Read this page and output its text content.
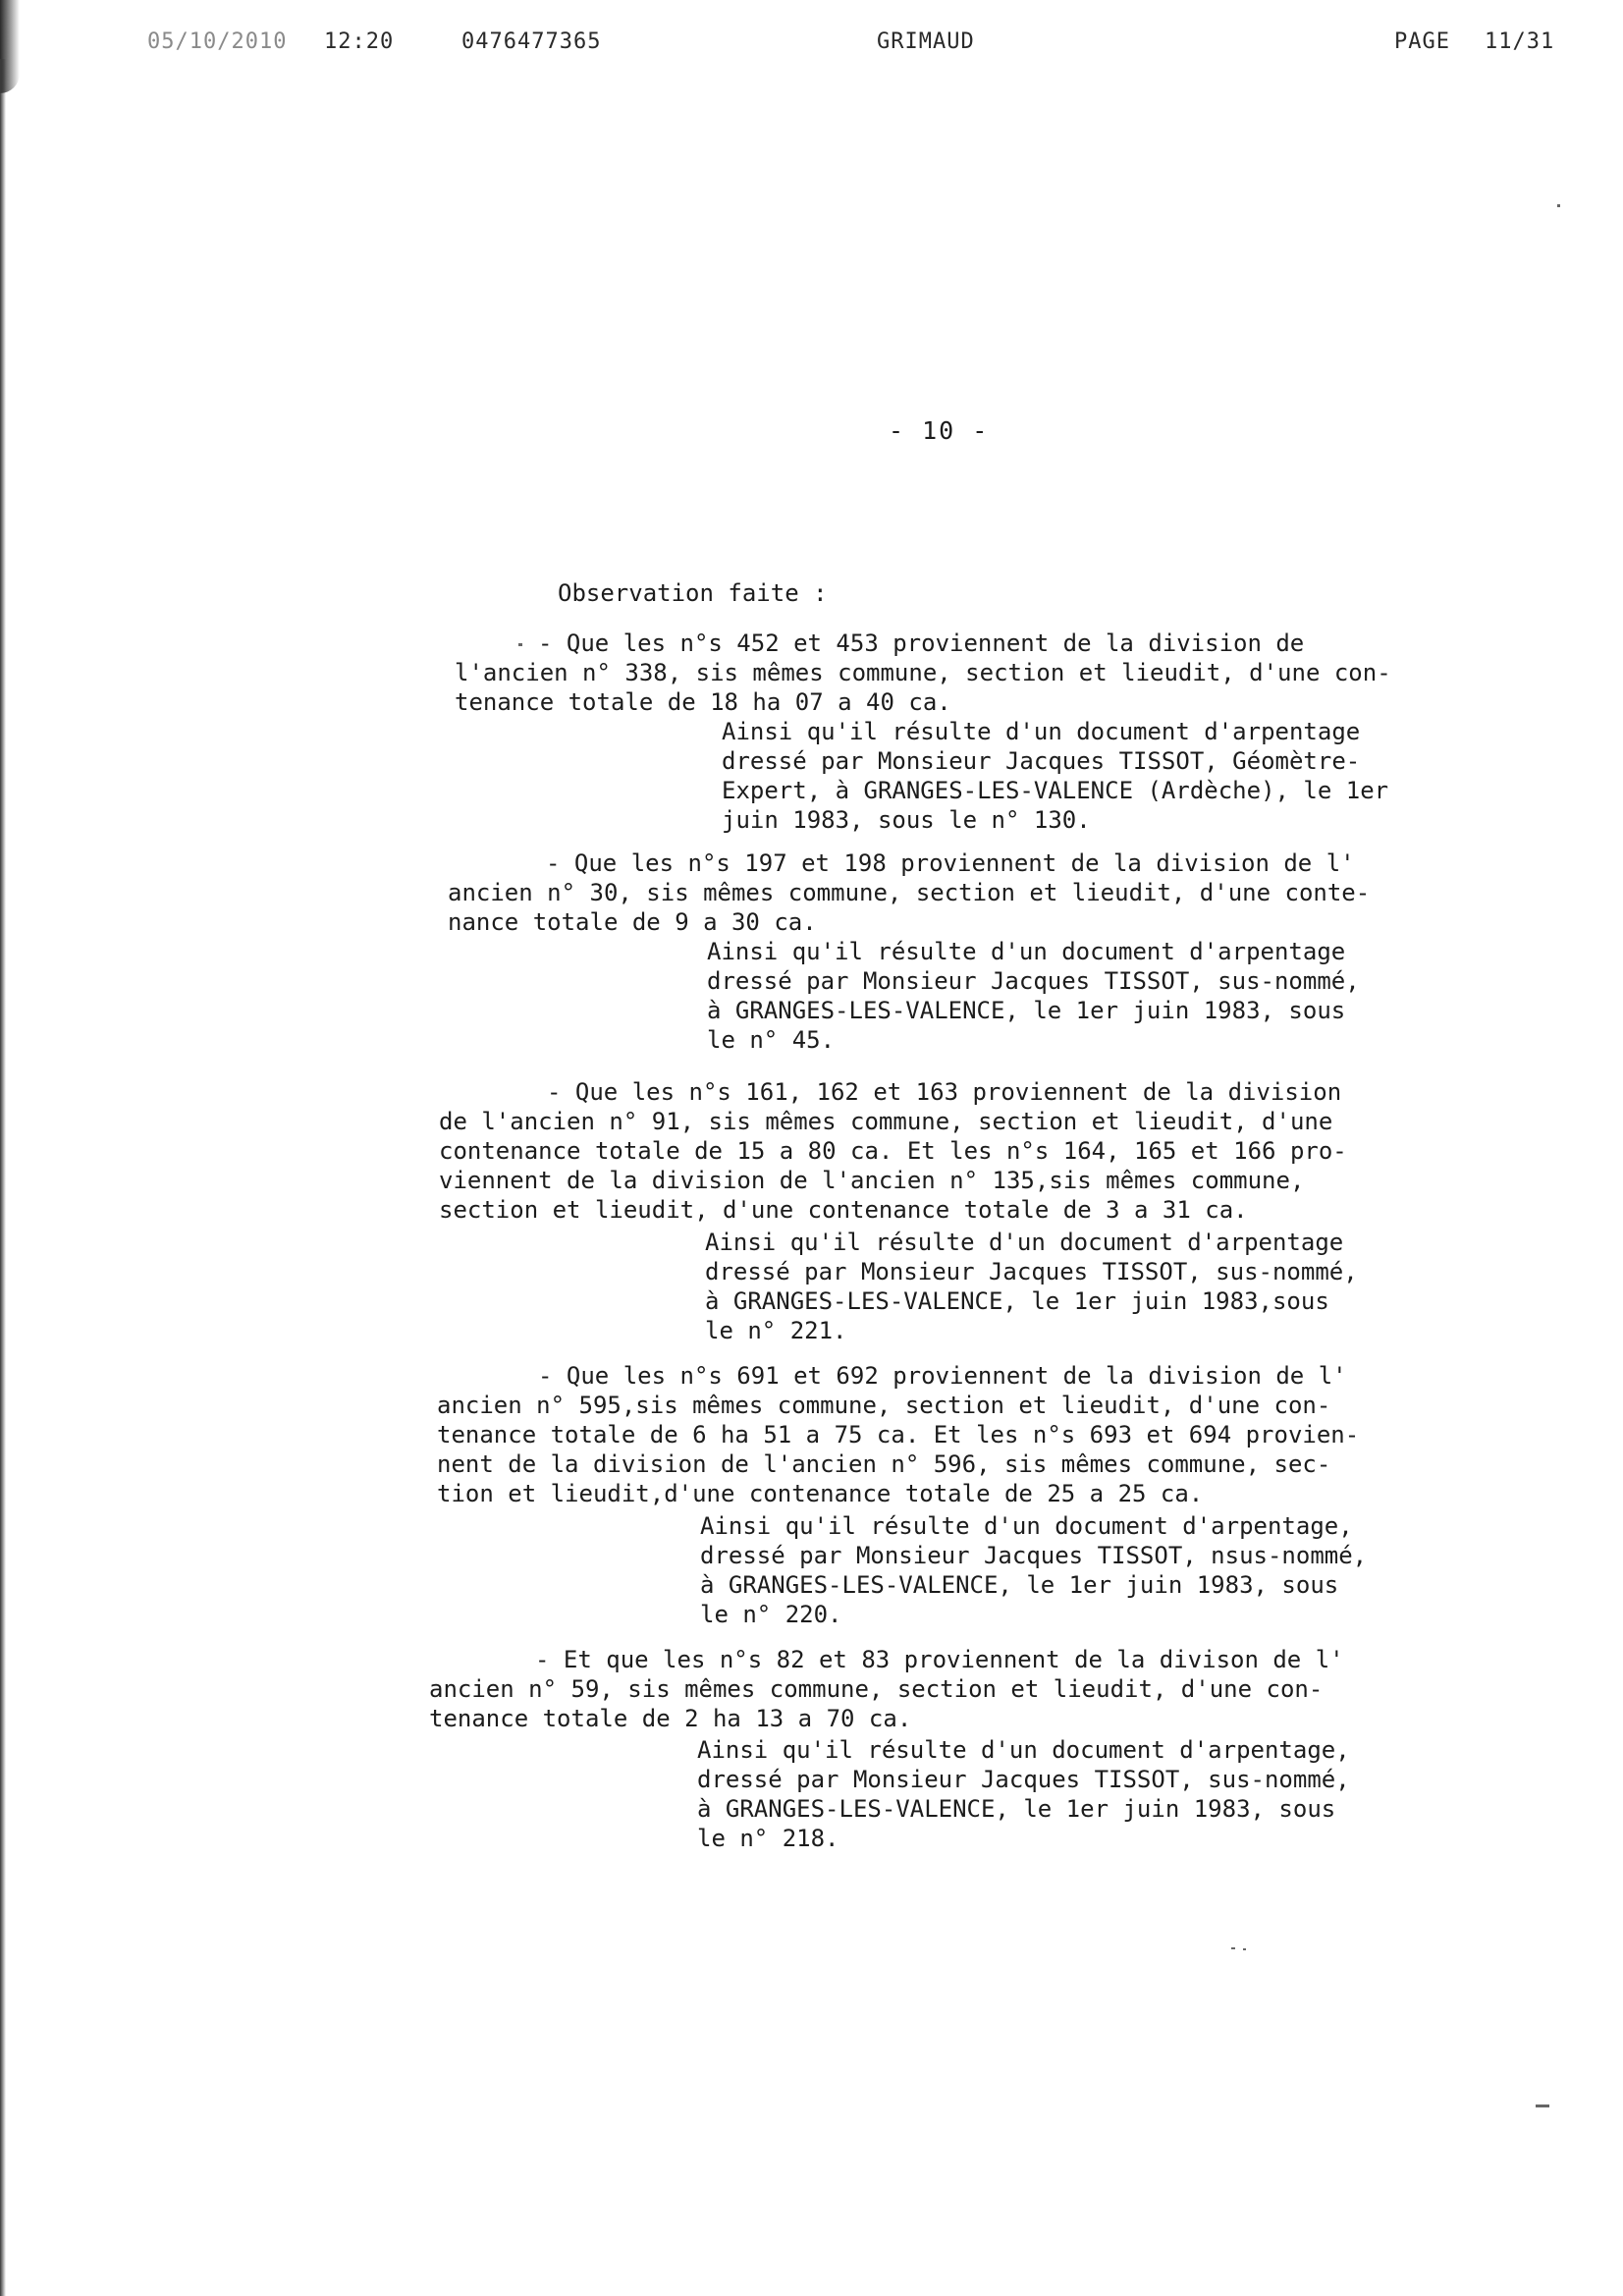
05/10/2010 12:20	0476477365	GRIMAUD	PAGE 11/31
- 10 -
Observation faite :
- Que les n°s 452 et 453 proviennent de la division de
l'ancien n° 338, sis mêmes commune, section et lieudit, d'une con-
tenance totale de 18 ha 07 a 40 ca.
Ainsi qu'il résulte d'un document d'arpentage
dressé par Monsieur Jacques TISSOT, Géomètre-
Expert, à GRANGES-LES-VALENCE (Ardèche), le 1er
juin 1983, sous le n° 130.
- Que les n°s 197 et 198 proviennent de la division de l'
ancien n° 30, sis mêmes commune, section et lieudit, d'une conte-
nance totale de 9 a 30 ca.
Ainsi qu'il résulte d'un document d'arpentage
dressé par Monsieur Jacques TISSOT, sus-nommé,
à GRANGES-LES-VALENCE, le 1er juin 1983, sous
le n° 45.
- Que les n°s 161, 162 et 163 proviennent de la division
de l'ancien n° 91, sis mêmes commune, section et lieudit, d'une
contenance totale de 15 a 80 ca. Et les n°s 164, 165 et 166 pro-
viennent de la division de l'ancien n° 135,sis mêmes commune,
section et lieudit, d'une contenance totale de 3 a 31 ca.
Ainsi qu'il résulte d'un document d'arpentage
dressé par Monsieur Jacques TISSOT, sus-nommé,
à GRANGES-LES-VALENCE, le 1er juin 1983,sous
le n° 221.
- Que les n°s 691 et 692 proviennent de la division de l'
ancien n° 595,sis mêmes commune, section et lieudit, d'une con-
tenance totale de 6 ha 51 a 75 ca. Et les n°s 693 et 694 provien-
nent de la division de l'ancien n° 596, sis mêmes commune, sec-
tion et lieudit,d'une contenance totale de 25 a 25 ca.
Ainsi qu'il résulte d'un document d'arpentage,
dressé par Monsieur Jacques TISSOT, nsus-nommé,
à GRANGES-LES-VALENCE, le 1er juin 1983, sous
le n° 220.
- Et que les n°s 82 et 83 proviennent de la divison de l'
ancien n° 59, sis mêmes commune, section et lieudit, d'une con-
tenance totale de 2 ha 13 a 70 ca.
Ainsi qu'il résulte d'un document d'arpentage,
dressé par Monsieur Jacques TISSOT, sus-nommé,
à GRANGES-LES-VALENCE, le 1er juin 1983, sous
le n° 218.
